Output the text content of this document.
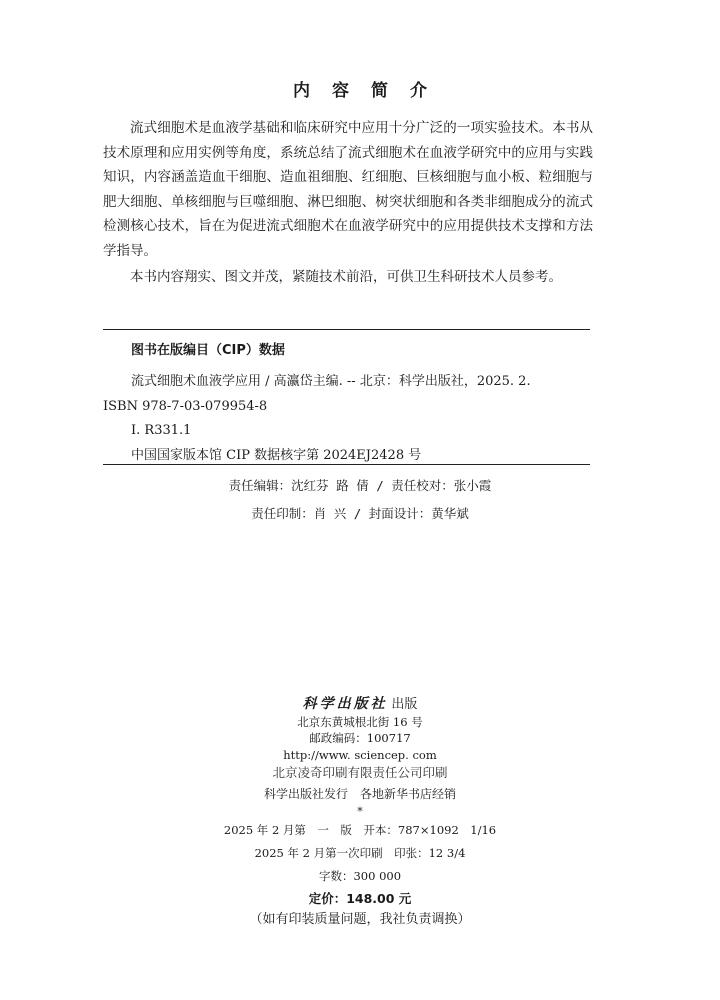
内容简介

流式细胞术是血液学基础和临床研究中应用十分广泛的一项实验技术。本书从技术原理和应用实例等角度，系统总结了流式细胞术在血液学研究中的应用与实践知识，内容涵盖造血干细胞、造血祖细胞、红细胞、巨核细胞与血小板、粒细胞与肥大细胞、单核细胞与巨噬细胞、淋巴细胞、树突状细胞和各类非细胞成分的流式检测核心技术，旨在为促进流式细胞术在血液学研究中的应用提供技术支撑和方法学指导。

本书内容翔实、图文并茂，紧随技术前沿，可供卫生科研技术人员参考。

图书在版编目（CIP）数据
流式细胞术血液学应用 / 高瀛岱主编. -- 北京：科学出版社，2025. 2.
ISBN 978-7-03-079954-8
Ⅰ. R331.1
中国国家版本馆 CIP 数据核字第 2024EJ2428 号
责任编辑：沈红芬 路 倩 / 责任校对：张小霞
责任印制：肖 兴 / 封面设计：黄华斌
科学出版社 出版
北京东黄城根北街 16 号
邮政编码：100717
http://www. sciencep. com
北京凌奇印刷有限责任公司印刷
科学出版社发行　各地新华书店经销
*
2025 年 2 月第　一　版　开本：787×1092　1/16
2025 年 2 月第一次印刷　印张：12 3/4
字数：300 000
定价：148.00 元
（如有印装质量问题，我社负责调换）
